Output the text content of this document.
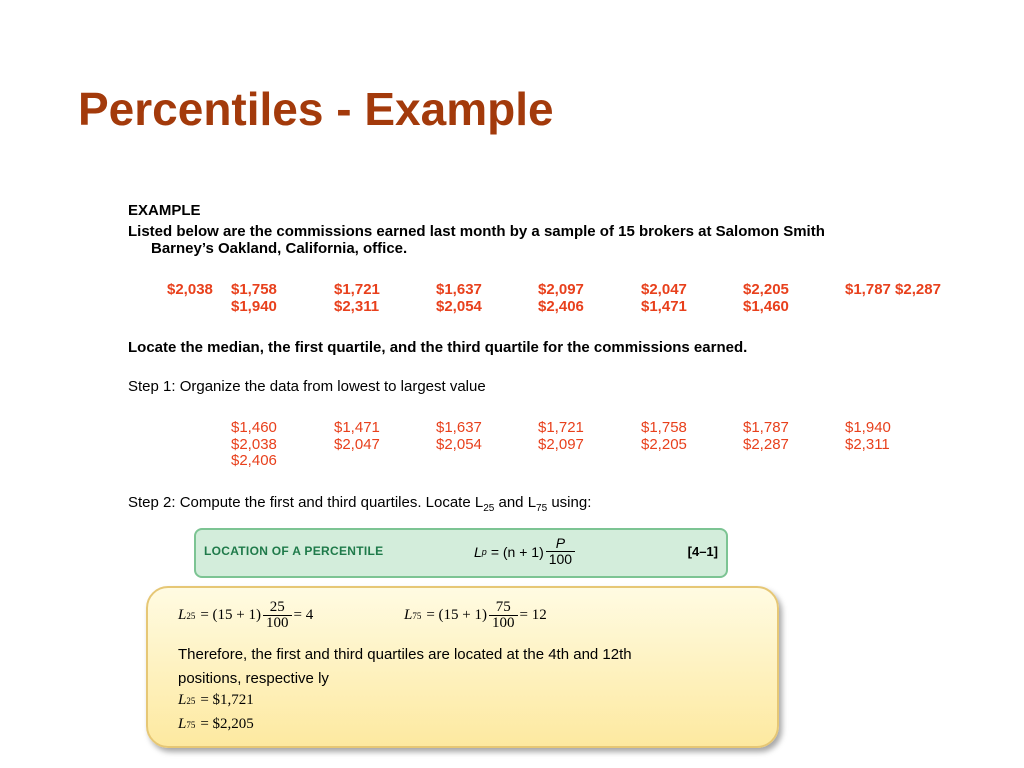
Percentiles - Example
EXAMPLE
Listed below are the commissions earned last month by a sample of 15 brokers at Salomon Smith
Barney’s Oakland, California, office.
$2,038 $1,758	$1,721	$1,637	$2,097	$2,047	$2,205	$1,787 $2,287
$1,940	$2,311	$2,054	$2,406	$1,471	$1,460
Locate the median, the first quartile, and the third quartile for the commissions earned.
Step 1: Organize the data from lowest to largest value
$1,460	$1,471	$1,637	$1,721	$1,758	$1,787	$1,940
$2,038	$2,047	$2,054	$2,097	$2,205	$2,287	$2,311
$2,406
Step 2: Compute the first and third quartiles. Locate $L_{25}$ and $L_{75}$ using:
LOCATION OF A PERCENTILE	L $p = (n + 1) \frac{P}{100}$	[4–1]
L $25 = (15 + 1) \frac{25}{100} = 4$	L $75 = (15 + 1) \frac{75}{100} = 12$
Therefore, the first and third quartiles are located at the 4th and 12th
positions, respective ly
L 25 = $1,721
L 75 = $2,205
